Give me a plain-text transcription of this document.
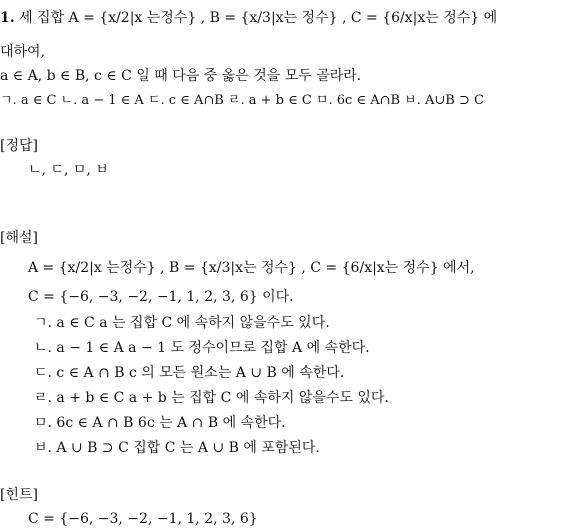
1. 세 집합 A = {x/2|x 는정수} , B = {x/3|x는 정수} , C = {6/x|x는 정수} 에
대하여,
a ∈ A, b ∈ B, c ∈ C 일 때 다음 중 옳은 것을 모두 골라라.
ㄱ. a ∈ C ㄴ. a − 1 ∈ A ㄷ. c ∈ A∩B ㄹ. a + b ∈ C ㅁ. 6c ∈ A∩B ㅂ. A∪B ⊃ C
[정답]
ㄴ, ㄷ, ㅁ, ㅂ
[해설]
A = {x/2|x 는정수} , B = {x/3|x는 정수} , C = {6/x|x는 정수} 에서,
C = {−6, −3, −2, −1, 1, 2, 3, 6} 이다.
ㄱ. a ∈ C a 는 집합 C 에 속하지 않을수도 있다.
ㄴ. a − 1 ∈ A a − 1 도 정수이므로 집합 A 에 속한다.
ㄷ. c ∈ A ∩ B c 의 모든 원소는 A ∪ B 에 속한다.
ㄹ. a + b ∈ C a + b 는 집합 C 에 속하지 않을수도 있다.
ㅁ. 6c ∈ A ∩ B 6c 는 A ∩ B 에 속한다.
ㅂ. A ∪ B ⊃ C 집합 C 는 A ∪ B 에 포함된다.
[힌트]
C = {−6, −3, −2, −1, 1, 2, 3, 6}
